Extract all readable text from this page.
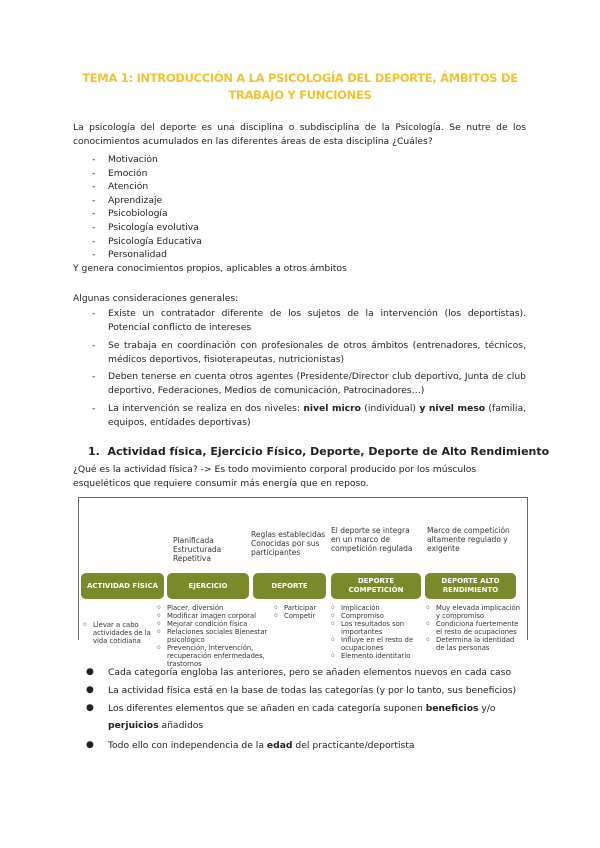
TEMA 1: INTRODUCCIÓN A LA PSICOLOGÍA DEL DEPORTE, ÁMBITOS DE TRABAJO Y FUNCIONES
La psicología del deporte es una disciplina o subdisciplina de la Psicología. Se nutre de los conocimientos acumulados en las diferentes áreas de esta disciplina ¿Cuáles?
- Motivación
- Emoción
- Atención
- Aprendizaje
- Psicobiología
- Psicología evolutiva
- Psicología Educativa
- Personalidad
Y genera conocimientos propios, aplicables a otros ámbitos
Algunas consideraciones generales:
- Existe un contratador diferente de los sujetos de la intervención (los deportistas). Potencial conflicto de intereses
- Se trabaja en coordinación con profesionales de otros ámbitos (entrenadores, técnicos, médicos deportivos, fisioterapeutas, nutricionistas)
- Deben tenerse en cuenta otros agentes (Presidente/Director club deportivo, Junta de club deportivo, Federaciones, Medios de comunicación, Patrocinadores…)
- La intervención se realiza en dos niveles: nivel micro (individual) y nivel meso (familia, equipos, entidades deportivas)
1. Actividad física, Ejercicio Físico, Deporte, Deporte de Alto Rendimiento
¿Qué es la actividad física? -> Es todo movimiento corporal producido por los músculos esqueléticos que requiere consumir más energía que en reposo.
ACTIVIDAD FÍSICA
o Llevar a cabo actividades de la vida cotidiana
Planificada Estructurada Repetitiva
EJERCICIO
o Placer, diversión
o Modificar imagen corporal
o Mejorar condición física
o Relaciones sociales Bienestar psicológico
o Prevención, intervención, recuperación enfermedades, trastornos
Reglas establecidas Conocidas por sus participantes
DEPORTE
o Participar
o Competir
El deporte se integra en un marco de competición regulada
DEPORTE COMPETICIÓN
o Implicación
o Compromiso
o Los resultados son importantes
o Influye en el resto de ocupaciones
o Elemento identitario
Marco de competición altamente regulado y exigente
DEPORTE ALTO RENDIMIENTO
o Muy elevada implicación y compromiso
o Condiciona fuertemente el resto de ocupaciones
o Determina la identidad de las personas
● Cada categoría engloba las anteriores, pero se añaden elementos nuevos en cada caso
● La actividad física está en la base de todas las categorías (y por lo tanto, sus beneficios)
● Los diferentes elementos que se añaden en cada categoría suponen beneficios y/o perjuicios añadidos
● Todo ello con independencia de la edad del practicante/deportista
